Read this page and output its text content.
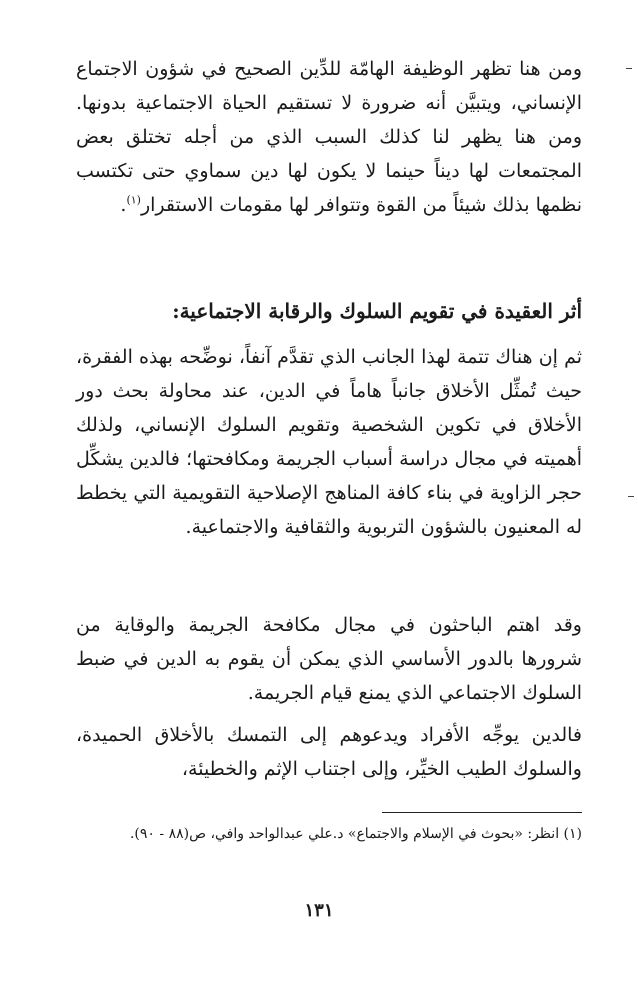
ومن هنا تظهر الوظيفة الهامّة للدِّين الصحيح في شؤون الاجتماع الإنساني، ويتبيَّن أنه ضرورة لا تستقيم الحياة الاجتماعية بدونها. ومن هنا يظهر لنا كذلك السبب الذي من أجله تختلق بعض المجتمعات لها ديناً حينما لا يكون لها دين سماوي حتى تكتسب نظمها بذلك شيئاً من القوة وتتوافر لها مقومات الاستقرار$^{(١)}$.

أثر العقيدة في تقويم السلوك والرقابة الاجتماعية:

ثم إن هناك تتمة لهذا الجانب الذي تقدَّم آنفاً، نوضِّحه بهذه الفقرة، حيث تُمثِّل الأخلاق جانباً هاماً في الدين، عند محاولة بحث دور الأخلاق في تكوين الشخصية وتقويم السلوك الإنساني، ولذلك أهميته في مجال دراسة أسباب الجريمة ومكافحتها؛ فالدين يشكِّل حجر الزاوية في بناء كافة المناهج الإصلاحية التقويمية التي يخطط له المعنيون بالشؤون التربوية والثقافية والاجتماعية.

وقد اهتم الباحثون في مجال مكافحة الجريمة والوقاية من شرورها بالدور الأساسي الذي يمكن أن يقوم به الدين في ضبط السلوك الاجتماعي الذي يمنع قيام الجريمة.

فالدين يوجِّه الأفراد ويدعوهم إلى التمسك بالأخلاق الحميدة، والسلوك الطيب الخيِّر، وإلى اجتناب الإثم والخطيئة،

(١) انظر: «بحوث في الإسلام والاجتماع» د.علي عبدالواحد وافي، ص(٨٨ - ٩٠).

١٣١
